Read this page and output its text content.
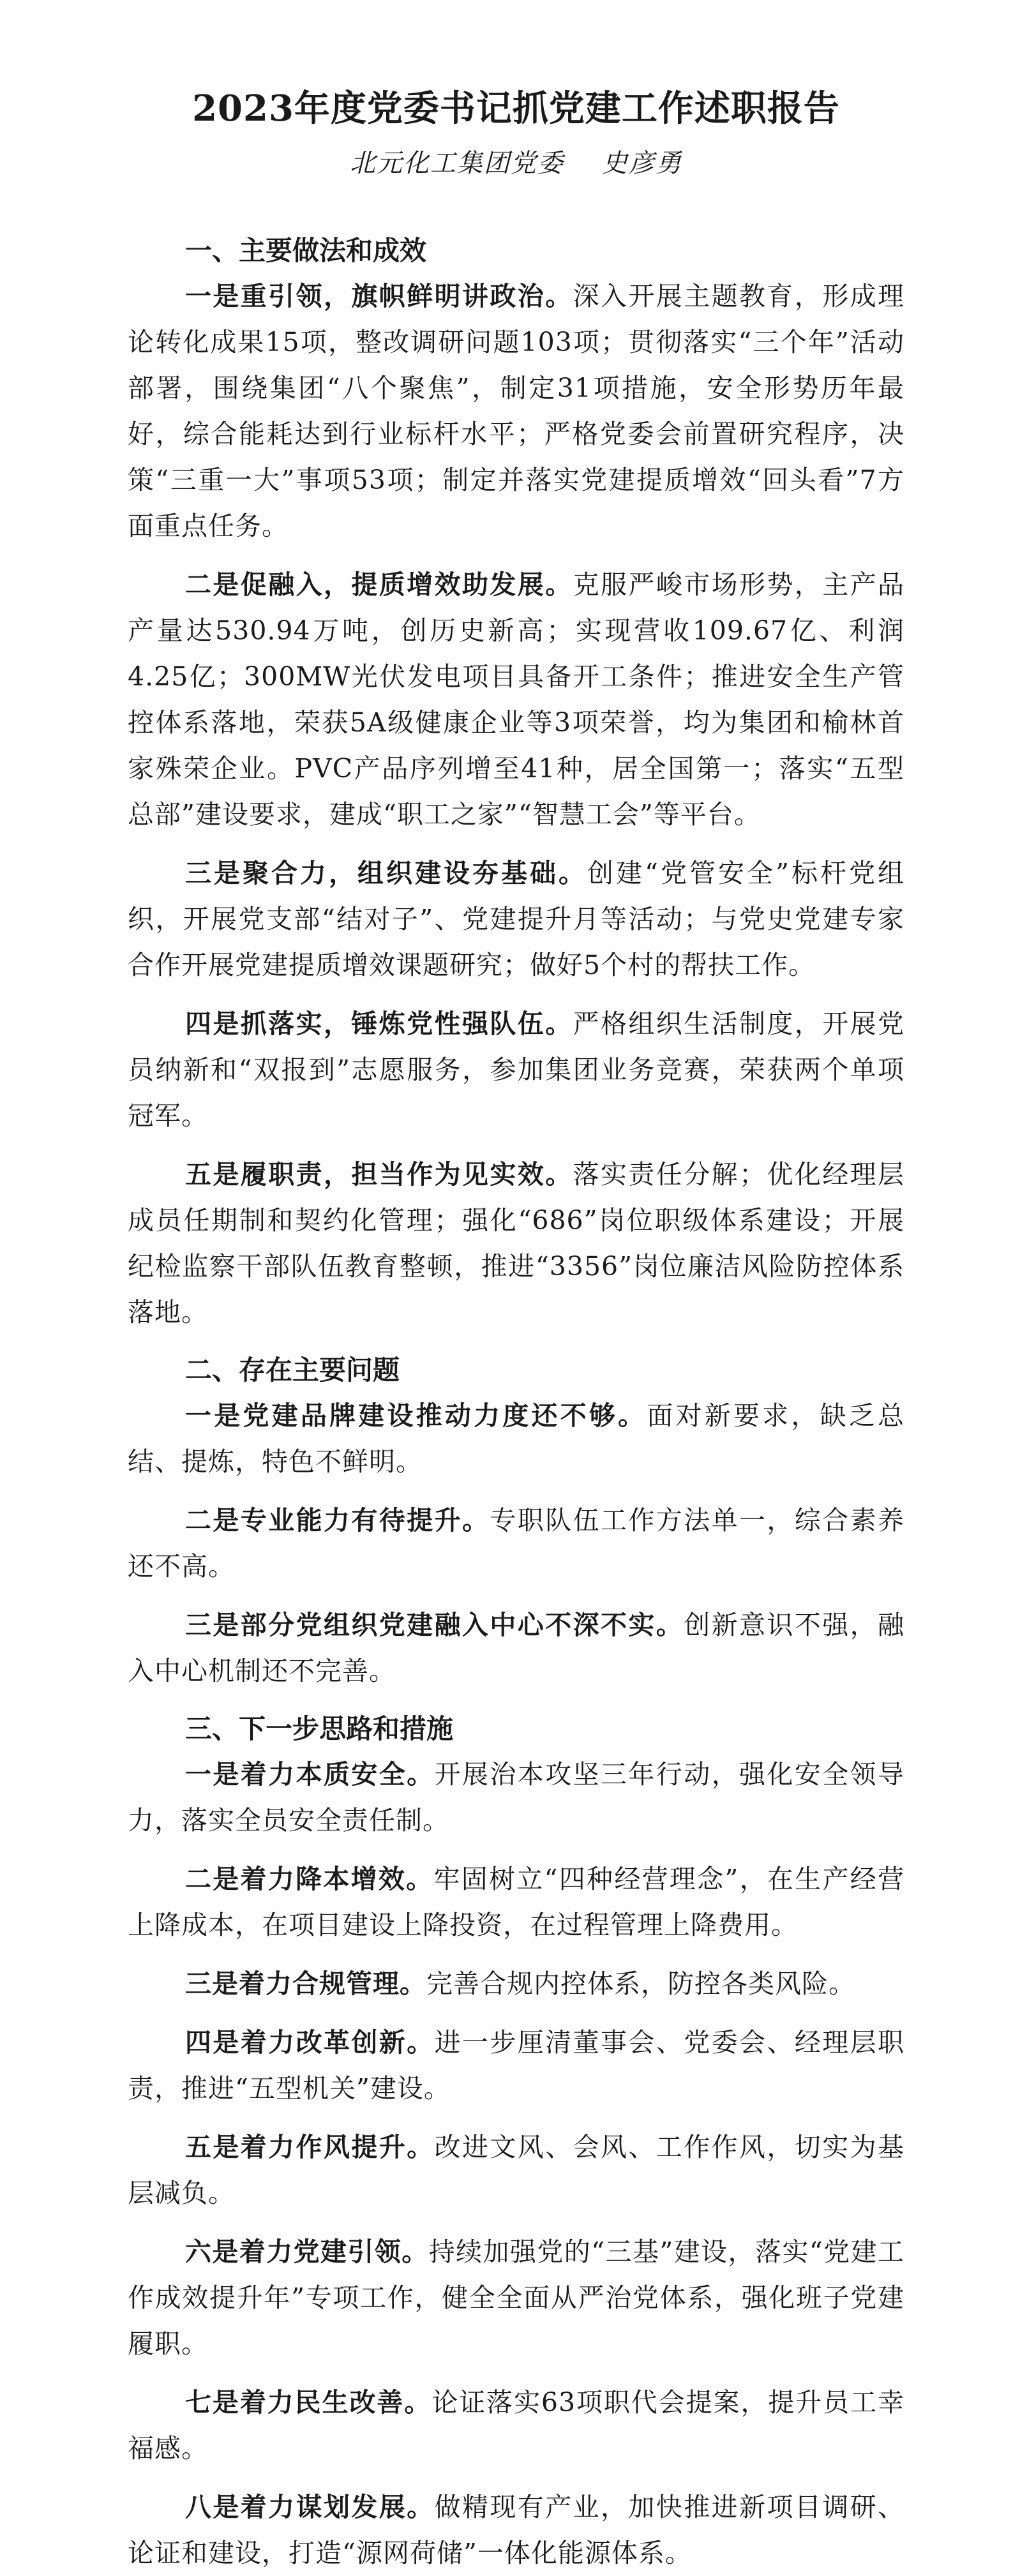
2023年度党委书记抓党建工作述职报告
北元化工集团党委    史彦勇
一、主要做法和成效

一是重引领，旗帜鲜明讲政治。深入开展主题教育，形成理论转化成果15项，整改调研问题103项；贯彻落实“三个年”活动部署，围绕集团“八个聚焦”，制定31项措施，安全形势历年最好，综合能耗达到行业标杆水平；严格党委会前置研究程序，决策“三重一大”事项53项；制定并落实党建提质增效“回头看”7方面重点任务。

二是促融入，提质增效助发展。克服严峻市场形势，主产品产量达530.94万吨，创历史新高；实现营收109.67亿、利润4.25亿；300MW光伏发电项目具备开工条件；推进安全生产管控体系落地，荣获5A级健康企业等3项荣誉，均为集团和榆林首家殊荣企业。PVC产品序列增至41种，居全国第一；落实“五型总部”建设要求，建成“职工之家”“智慧工会”等平台。

三是聚合力，组织建设夯基础。创建“党管安全”标杆党组织，开展党支部“结对子”、党建提升月等活动；与党史党建专家合作开展党建提质增效课题研究；做好5个村的帮扶工作。

四是抓落实，锤炼党性强队伍。严格组织生活制度，开展党员纳新和“双报到”志愿服务，参加集团业务竞赛，荣获两个单项冠军。

五是履职责，担当作为见实效。落实责任分解；优化经理层成员任期制和契约化管理；强化“686”岗位职级体系建设；开展纪检监察干部队伍教育整顿，推进“3356”岗位廉洁风险防控体系落地。

二、存在主要问题

一是党建品牌建设推动力度还不够。面对新要求，缺乏总结、提炼，特色不鲜明。

二是专业能力有待提升。专职队伍工作方法单一，综合素养还不高。

三是部分党组织党建融入中心不深不实。创新意识不强，融入中心机制还不完善。

三、下一步思路和措施

一是着力本质安全。开展治本攻坚三年行动，强化安全领导力，落实全员安全责任制。

二是着力降本增效。牢固树立“四种经营理念”，在生产经营上降成本，在项目建设上降投资，在过程管理上降费用。

三是着力合规管理。完善合规内控体系，防控各类风险。

四是着力改革创新。进一步厘清董事会、党委会、经理层职责，推进“五型机关”建设。

五是着力作风提升。改进文风、会风、工作作风，切实为基层减负。

六是着力党建引领。持续加强党的“三基”建设，落实“党建工作成效提升年”专项工作，健全全面从严治党体系，强化班子党建履职。

七是着力民生改善。论证落实63项职代会提案，提升员工幸福感。

八是着力谋划发展。做精现有产业，加快推进新项目调研、论证和建设，打造“源网荷储”一体化能源体系。
